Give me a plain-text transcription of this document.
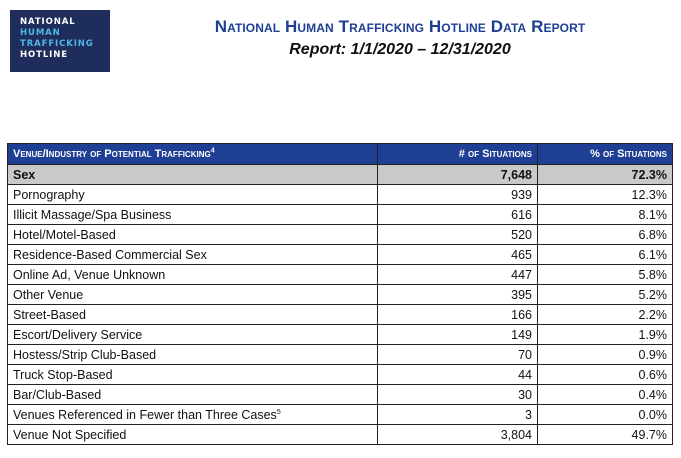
NATIONAL
HUMAN
TRAFFICKING
HOTLINE
National Human Trafficking Hotline Data Report
Report: 1/1/2020 – 12/31/2020
Venue/Industry of Potential Trafficking$^4$	# of Situations	% of Situations
Sex	7,648	72.3%
Pornography	939	12.3%
Illicit Massage/Spa Business	616	8.1%
Hotel/Motel-Based	520	6.8%
Residence-Based Commercial Sex	465	6.1%
Online Ad, Venue Unknown	447	5.8%
Other Venue	395	5.2%
Street-Based	166	2.2%
Escort/Delivery Service	149	1.9%
Hostess/Strip Club-Based	70	0.9%
Truck Stop-Based	44	0.6%
Bar/Club-Based	30	0.4%
Venues Referenced in Fewer than Three Cases$^5$	3	0.0%
Venue Not Specified	3,804	49.7%
